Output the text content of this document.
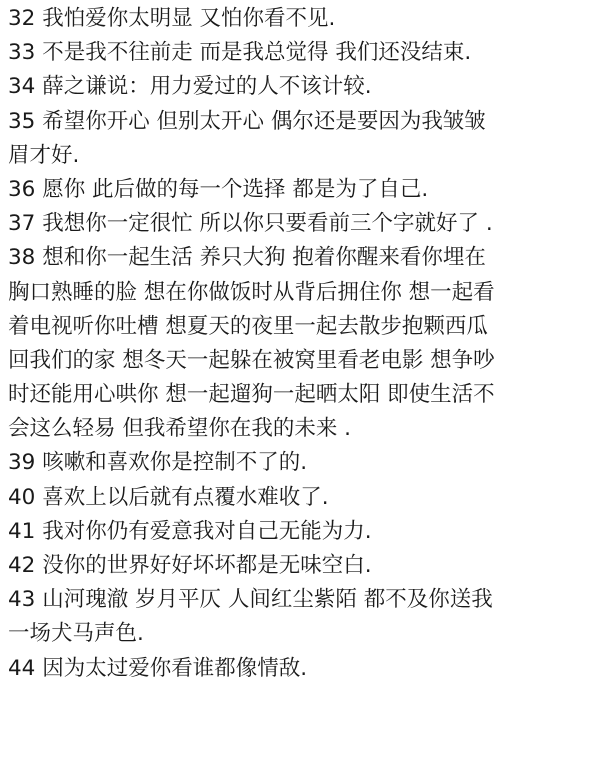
32 我怕爱你太明显 又怕你看不见.
33 不是我不往前走 而是我总觉得 我们还没结束.
34 薛之谦说：用力爱过的人不该计较.
35 希望你开心 但别太开心 偶尔还是要因为我皱皱
眉才好.
36 愿你 此后做的每一个选择 都是为了自己.
37 我想你一定很忙 所以你只要看前三个字就好了 .
38 想和你一起生活 养只大狗 抱着你醒来看你埋在
胸口熟睡的脸 想在你做饭时从背后拥住你 想一起看
着电视听你吐槽 想夏天的夜里一起去散步抱颗西瓜
回我们的家 想冬天一起躲在被窝里看老电影 想争吵
时还能用心哄你 想一起遛狗一起晒太阳 即使生活不
会这么轻易 但我希望你在我的未来 .
39 咳嗽和喜欢你是控制不了的.
40 喜欢上以后就有点覆水难收了.
41 我对你仍有爱意我对自己无能为力.
42 没你的世界好好坏坏都是无味空白.
43 山河瑰澈 岁月平仄 人间红尘紫陌 都不及你送我
一场犬马声色.
44 因为太过爱你看谁都像情敌.
